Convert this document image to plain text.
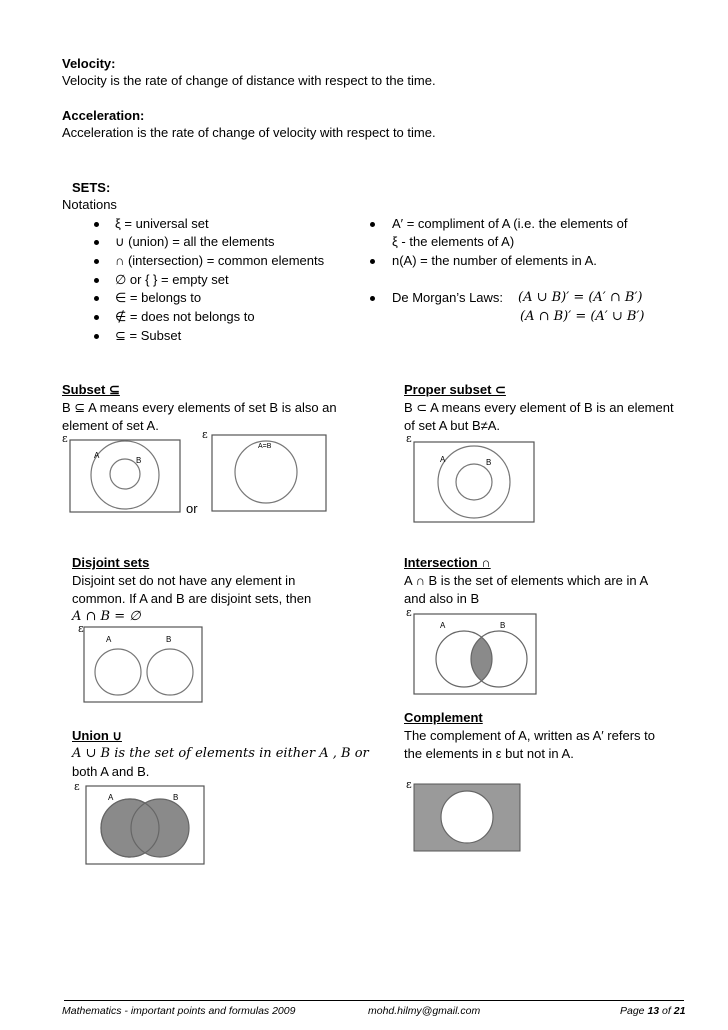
Velocity:
Velocity is the rate of change of distance with respect to the time.
Acceleration:
Acceleration is the rate of change of velocity with respect to time.
SETS:
Notations
ξ = universal set
∪ (union) = all the elements
∩ (intersection) = common elements
∅ or { } = empty set
∈ = belongs to
∉ = does not belongs to
⊆ = Subset
A′ = compliment of A (i.e. the elements of
ξ - the elements of A)
n(A) = the number of elements in A.
De Morgan’s Laws: (A ∪ B)′ = (A′ ∩ B′)
(A ∩ B)′ = (A′ ∪ B′)
Subset ⊆
B ⊆ A means every elements of set B is also an
element of set A.
ε
A
B
or
ε
A=B
Proper subset ⊂
B ⊂ A means every element of B is an element
of set A but B≠A.
ε
A	B
Disjoint sets
Disjoint set do not have any element in
common. If A and B are disjoint sets, then
A ∩ B = ∅
ε
A	B
Intersection ∩
A ∩ B is the set of elements which are in A
and also in B
ε
A	B
Complement
The complement of A, written as A′ refers to
the elements in ε but not in A.
ε
Union ∪
A ∪ B is the set of elements in either A , B or
both A and B.
ε
A	B
Mathematics - important points and formulas 2009	mohd.hilmy@gmail.com	Page 13 of 21
